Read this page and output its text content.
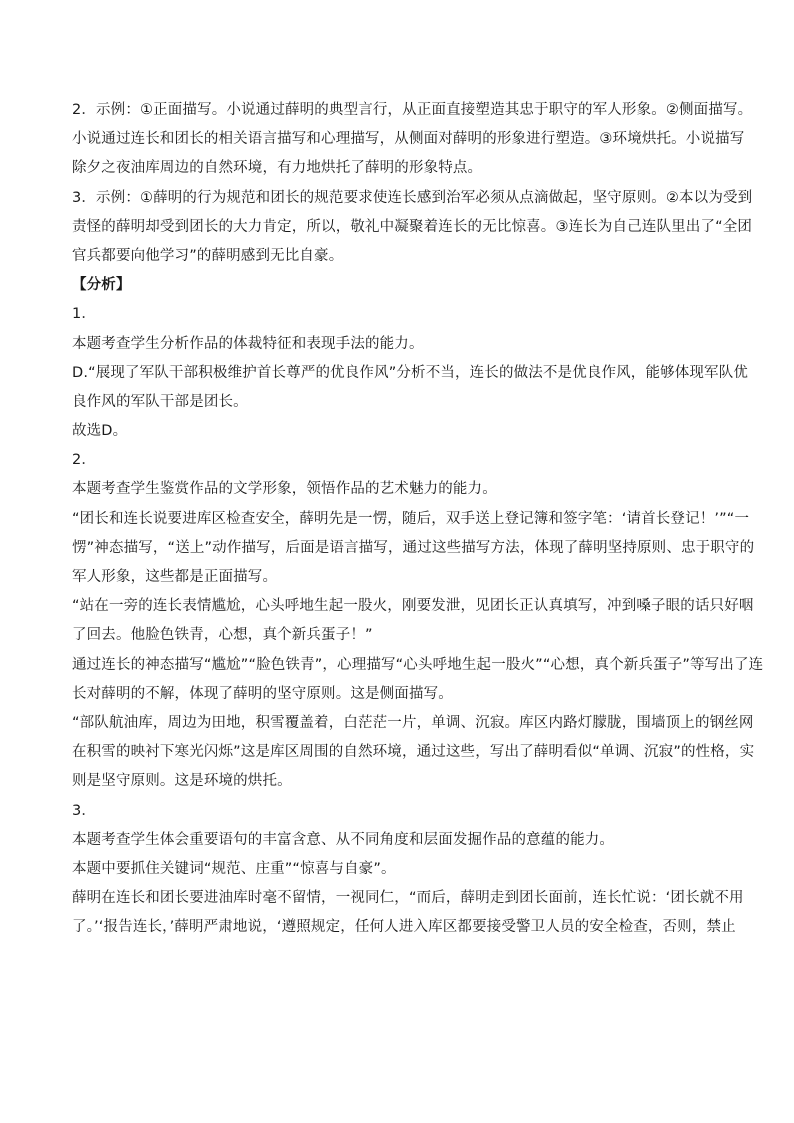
2．示例：①正面描写。小说通过薛明的典型言行，从正面直接塑造其忠于职守的军人形象。②侧面描写。
小说通过连长和团长的相关语言描写和心理描写，从侧面对薛明的形象进行塑造。③环境烘托。小说描写
除夕之夜油库周边的自然环境，有力地烘托了薛明的形象特点。
3．示例：①薛明的行为规范和团长的规范要求使连长感到治军必须从点滴做起，坚守原则。②本以为受到
责怪的薛明却受到团长的大力肯定，所以，敬礼中凝聚着连长的无比惊喜。③连长为自己连队里出了“全团
官兵都要向他学习”的薛明感到无比自豪。
【分析】
1．
本题考查学生分析作品的体裁特征和表现手法的能力。
D.“展现了军队干部积极维护首长尊严的优良作风”分析不当，连长的做法不是优良作风，能够体现军队优
良作风的军队干部是团长。
故选D。
2．
本题考查学生鉴赏作品的文学形象，领悟作品的艺术魅力的能力。
“团长和连长说要进库区检查安全，薛明先是一愣，随后，双手送上登记簿和签字笔：‘请首长登记！’”“一
愣”神态描写，“送上”动作描写，后面是语言描写，通过这些描写方法，体现了薛明坚持原则、忠于职守的
军人形象，这些都是正面描写。
“站在一旁的连长表情尴尬，心头呼地生起一股火，刚要发泄，见团长正认真填写，冲到嗓子眼的话只好咽
了回去。他脸色铁青，心想，真个新兵蛋子！”
通过连长的神态描写“尴尬”“脸色铁青”，心理描写“心头呼地生起一股火”“心想，真个新兵蛋子”等写出了连
长对薛明的不解，体现了薛明的坚守原则。这是侧面描写。
“部队航油库，周边为田地，积雪覆盖着，白茫茫一片，单调、沉寂。库区内路灯朦胧，围墙顶上的钢丝网
在积雪的映衬下寒光闪烁”这是库区周围的自然环境，通过这些，写出了薛明看似“单调、沉寂”的性格，实
则是坚守原则。这是环境的烘托。
3．
本题考查学生体会重要语句的丰富含意、从不同角度和层面发掘作品的意蕴的能力。
本题中要抓住关键词“规范、庄重”“惊喜与自豪”。
薛明在连长和团长要进油库时毫不留情，一视同仁，“而后，薛明走到团长面前，连长忙说：‘团长就不用
了。’‘报告连长，’薛明严肃地说，‘遵照规定，任何人进入库区都要接受警卫人员的安全检查，否则，禁止
